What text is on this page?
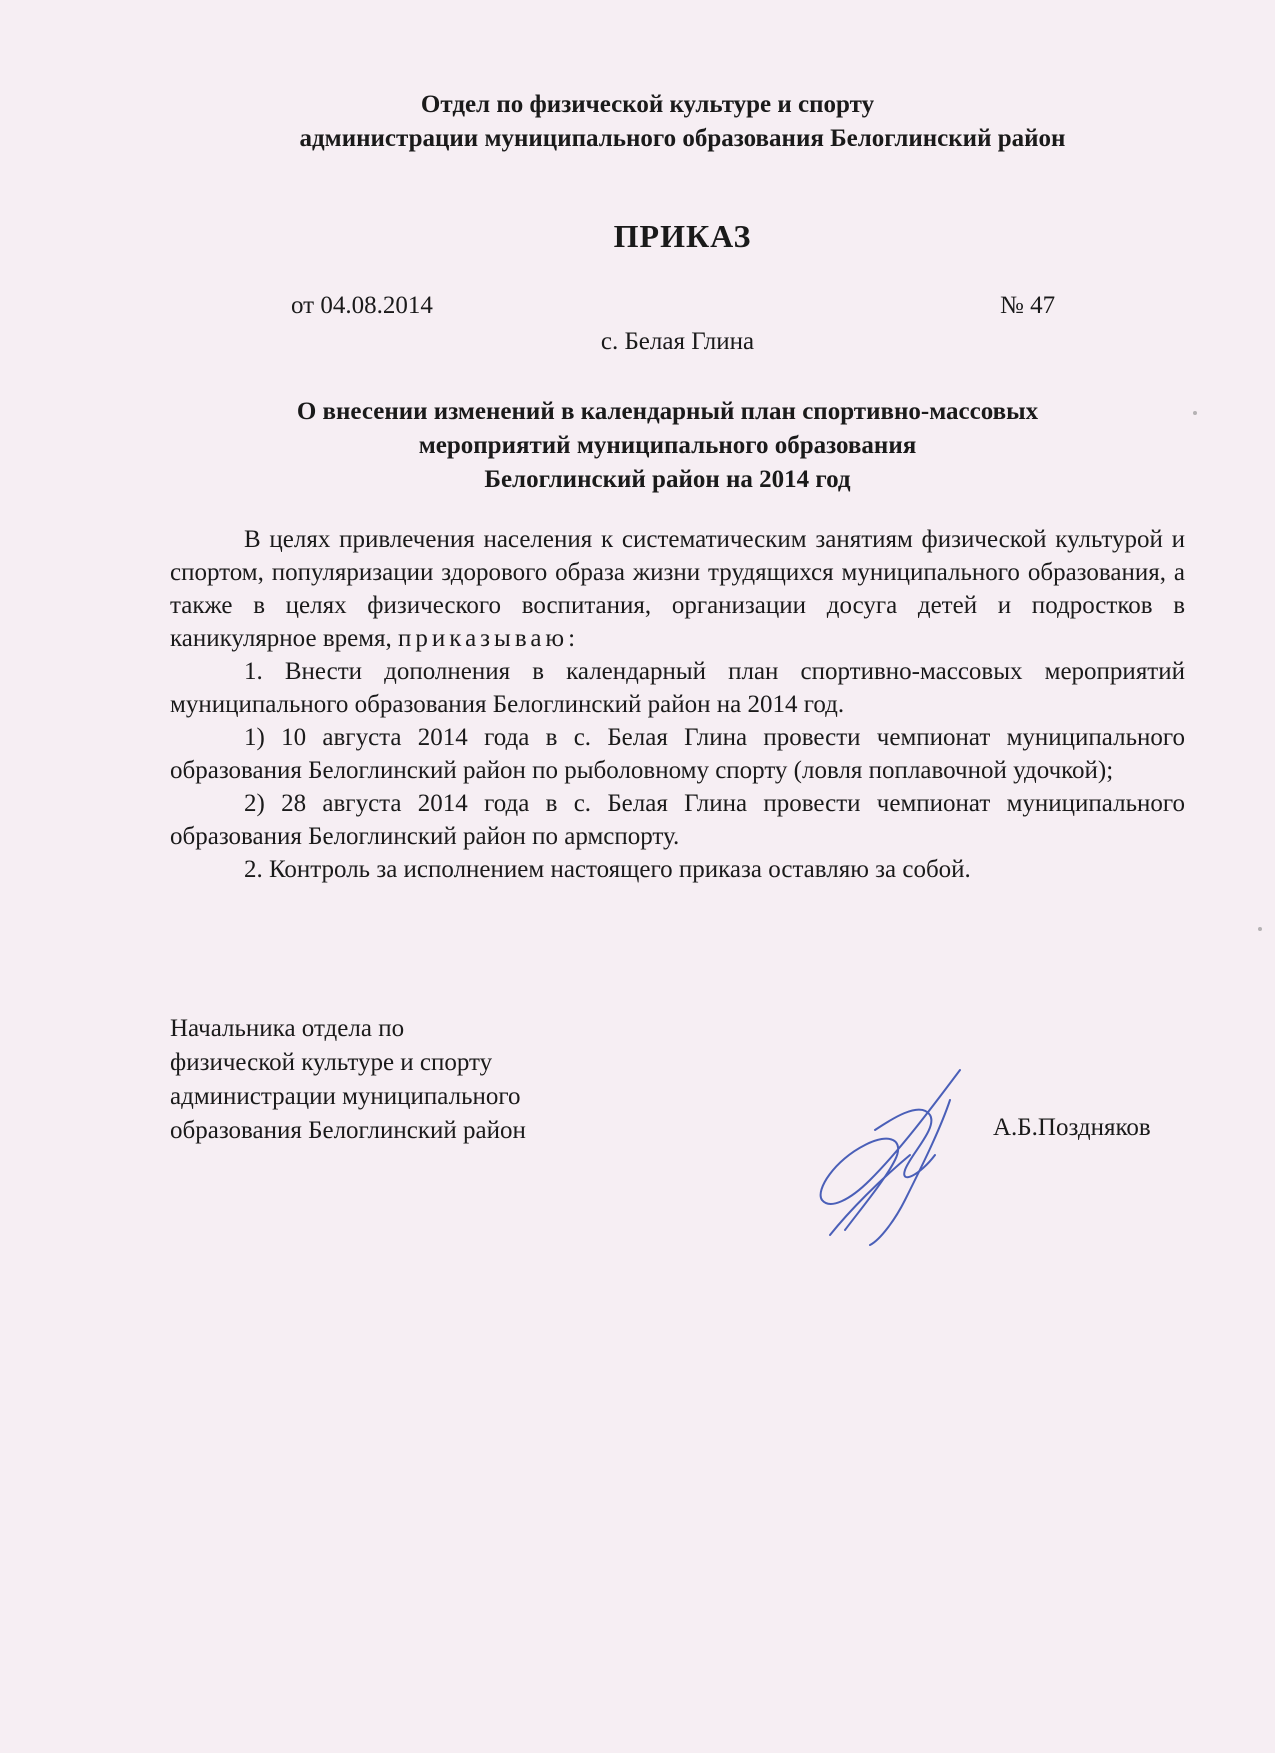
Отдел по физической культуре и спорту
администрации муниципального образования Белоглинский район
ПРИКАЗ
от 04.08.2014	№ 47
с. Белая Глина
О внесении изменений в календарный план спортивно-массовых
мероприятий муниципального образования
Белоглинский район на 2014 год

В целях привлечения населения к систематическим занятиям физической культурой и спортом, популяризации здорового образа жизни трудящихся муниципального образования, а также в целях физического воспитания, организации досуга детей и подростков в каникулярное время, приказываю:

1. Внести дополнения в календарный план спортивно-массовых мероприятий муниципального образования Белоглинский район на 2014 год.

1) 10 августа 2014 года в с. Белая Глина провести чемпионат муниципального образования Белоглинский район по рыболовному спорту (ловля поплавочной удочкой);

2) 28 августа 2014 года в с. Белая Глина провести чемпионат муниципального образования Белоглинский район по армспорту.

2. Контроль за исполнением настоящего приказа оставляю за собой.

Начальника отдела по
физической культуре и спорту
администрации муниципального
образования Белоглинский район	А.Б.Поздняков
